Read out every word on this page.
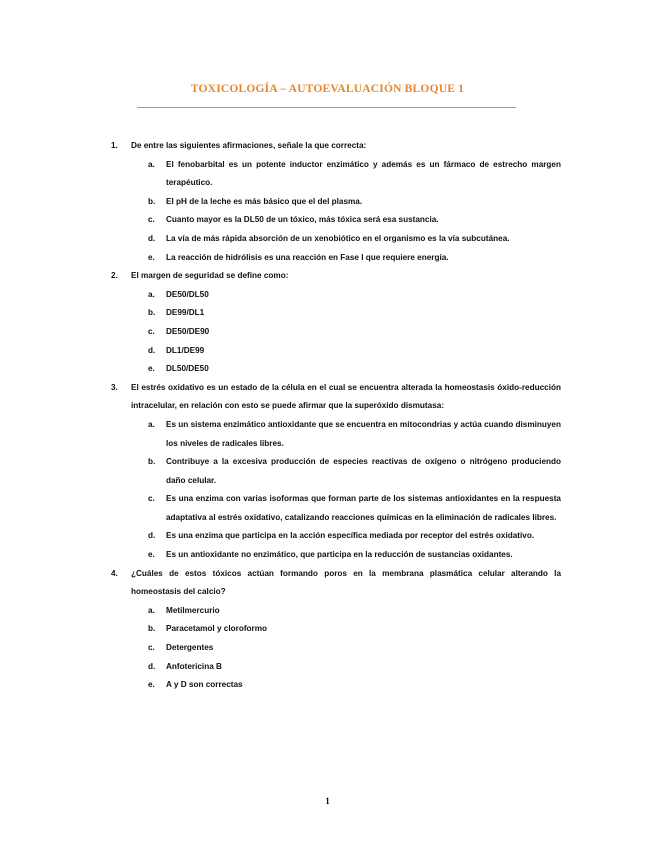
TOXICOLOGÍA – AUTOEVALUACIÓN BLOQUE 1
1.	De entre las siguientes afirmaciones, señale la que correcta:
a.	El fenobarbital es un potente inductor enzimático y además es un fármaco de estrecho margen terapéutico.
b.	El pH de la leche es más básico que el del plasma.
c.	Cuanto mayor es la DL50 de un tóxico, más tóxica será esa sustancia.
d.	La vía de más rápida absorción de un xenobiótico en el organismo es la vía subcutánea.
e.	La reacción de hidrólisis es una reacción en Fase I que requiere energía.
2.	El margen de seguridad se define como:
a.	DE50/DL50
b.	DE99/DL1
c.	DE50/DE90
d.	DL1/DE99
e.	DL50/DE50
3.	El estrés oxidativo es un estado de la célula en el cual se encuentra alterada la homeostasis óxido-reducción intracelular, en relación con esto se puede afirmar que la superóxido dismutasa:
a.	Es un sistema enzimático antioxidante que se encuentra en mitocondrias y actúa cuando disminuyen los niveles de radicales libres.
b.	Contribuye a la excesiva producción de especies reactivas de oxígeno o nitrógeno produciendo daño celular.
c.	Es una enzima con varias isoformas que forman parte de los sistemas antioxidantes en la respuesta adaptativa al estrés oxidativo, catalizando reacciones químicas en la eliminación de radicales libres.
d.	Es una enzima que participa en la acción específica mediada por receptor del estrés oxidativo.
e.	Es un antioxidante no enzimático, que participa en la reducción de sustancias oxidantes.
4.	¿Cuáles de estos tóxicos actúan formando poros en la membrana plasmática celular alterando la homeostasis del calcio?
a.	Metilmercurio
b.	Paracetamol y cloroformo
c.	Detergentes
d.	Anfotericina B
e.	A y D son correctas
1
